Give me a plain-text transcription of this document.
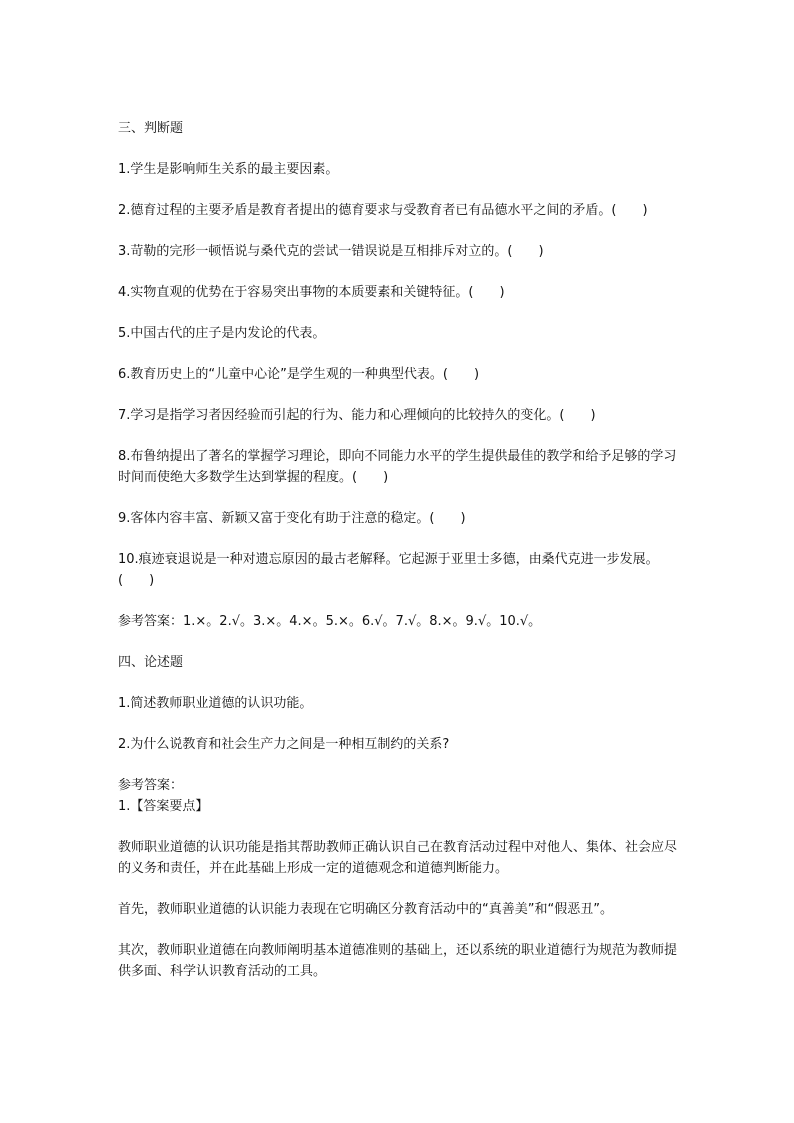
三、判断题

1.学生是影响师生关系的最主要因素。

2.德育过程的主要矛盾是教育者提出的德育要求与受教育者已有品德水平之间的矛盾。(　　)

3.苛勒的完形一顿悟说与桑代克的尝试一错误说是互相排斥对立的。(　　)

4.实物直观的优势在于容易突出事物的本质要素和关键特征。(　　)

5.中国古代的庄子是内发论的代表。

6.教育历史上的“儿童中心论”是学生观的一种典型代表。(　　)

7.学习是指学习者因经验而引起的行为、能力和心理倾向的比较持久的变化。(　　)

8.布鲁纳提出了著名的掌握学习理论，即向不同能力水平的学生提供最佳的教学和给予足够的学习时间而使绝大多数学生达到掌握的程度。(　　)

9.客体内容丰富、新颖又富于变化有助于注意的稳定。(　　)

10.痕迹衰退说是一种对遗忘原因的最古老解释。它起源于亚里士多德，由桑代克进一步发展。(　　)

参考答案：1.×。2.√。3.×。4.×。5.×。6.√。7.√。8.×。9.√。10.√。

四、论述题

1.简述教师职业道德的认识功能。

2.为什么说教育和社会生产力之间是一种相互制约的关系?

参考答案：

1.【答案要点】

教师职业道德的认识功能是指其帮助教师正确认识自己在教育活动过程中对他人、集体、社会应尽的义务和责任，并在此基础上形成一定的道德观念和道德判断能力。

首先，教师职业道德的认识能力表现在它明确区分教育活动中的“真善美”和“假恶丑”。

其次，教师职业道德在向教师阐明基本道德准则的基础上，还以系统的职业道德行为规范为教师提供多面、科学认识教育活动的工具。
